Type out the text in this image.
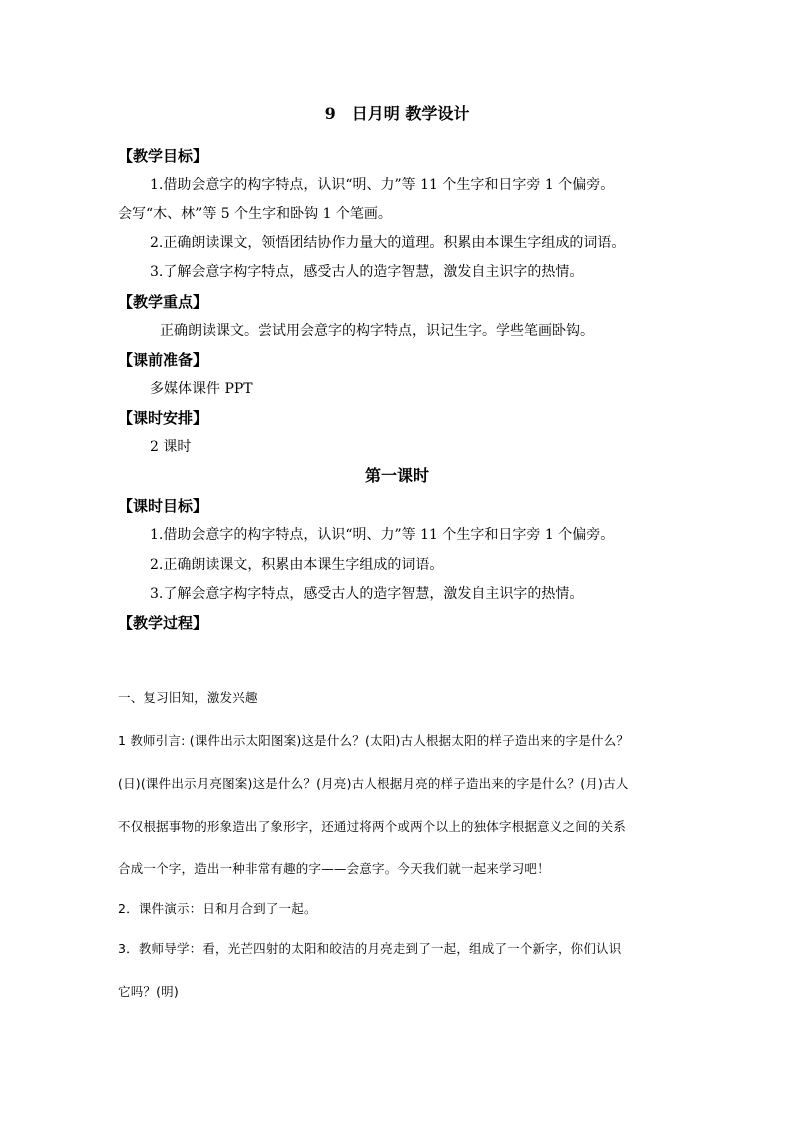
9 日月明 教学设计
【教学目标】
1.借助会意字的构字特点，认识“明、力”等 11 个生字和日字旁 1 个偏旁。
会写“木、林”等 5 个生字和卧钩 1 个笔画。
2.正确朗读课文，领悟团结协作力量大的道理。积累由本课生字组成的词语。
3.了解会意字构字特点，感受古人的造字智慧，激发自主识字的热情。
【教学重点】
正确朗读课文。尝试用会意字的构字特点，识记生字。学些笔画卧钩。
【课前准备】
多媒体课件 PPT
【课时安排】
2 课时
第一课时
【课时目标】
1.借助会意字的构字特点，认识“明、力”等 11 个生字和日字旁 1 个偏旁。
2.正确朗读课文，积累由本课生字组成的词语。
3.了解会意字构字特点，感受古人的造字智慧，激发自主识字的热情。
【教学过程】
一、复习旧知，激发兴趣
1 教师引言: (课件出示太阳图案)这是什么？(太阳)古人根据太阳的样子造出来的字是什么？
(日)(课件出示月亮图案)这是什么？(月亮)古人根据月亮的样子造出来的字是什么？(月)古人
不仅根据事物的形象造出了象形字，还通过将两个或两个以上的独体字根据意义之间的关系
合成一个字，造出一种非常有趣的字——会意字。今天我们就一起来学习吧！
2．课件演示：日和月合到了一起。
3．教师导学：看，光芒四射的太阳和皎洁的月亮走到了一起，组成了一个新字，你们认识
它吗？(明)
